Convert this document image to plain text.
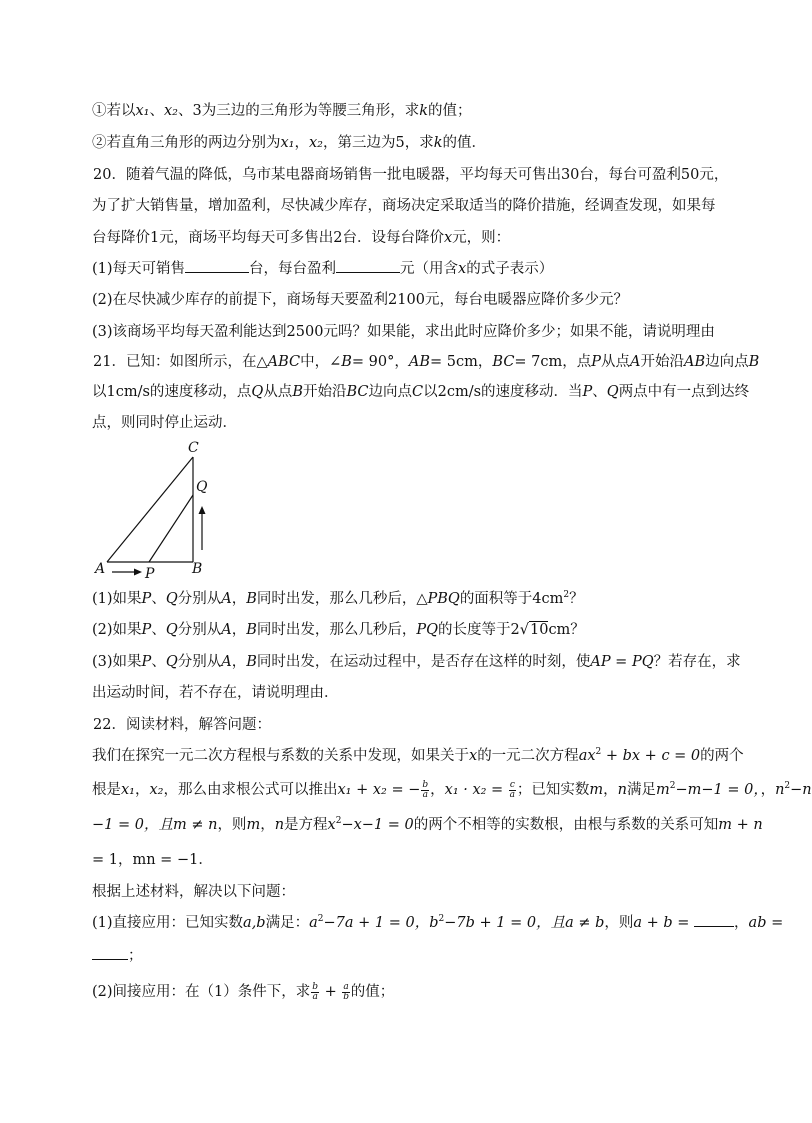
①若以x₁、x₂、3为三边的三角形为等腰三角形，求k的值；
②若直角三角形的两边分别为x₁，x₂，第三边为5，求k的值．
20．随着气温的降低，乌市某电器商场销售一批电暖器，平均每天可售出30台，每台可盈利50元，
为了扩大销售量，增加盈利，尽快减少库存，商场决定采取适当的降价措施，经调查发现，如果每
台每降价1元，商场平均每天可多售出2台．设每台降价x元，则：
(1)每天可销售	台，每台盈利	元（用含x的式子表示）
(2)在尽快减少库存的前提下，商场每天要盈利2100元，每台电暖器应降价多少元？
(3)该商场平均每天盈利能达到2500元吗？如果能，求出此时应降价多少；如果不能，请说明理由
21．已知：如图所示，在△ABC中，∠B= 90°，AB= 5cm，BC= 7cm，点P从点A开始沿AB边向点B
以1cm/s的速度移动，点Q从点B开始沿BC边向点C以2cm/s的速度移动．当P、Q两点中有一点到达终
点，则同时停止运动．
C
Q
A	P	B
(1)如果P、Q分别从A，B同时出发，那么几秒后，△PBQ的面积等于$4cm^2$？
(2)如果P、Q分别从A，B同时出发，那么几秒后，PQ的长度等于2√10cm？
(3)如果P、Q分别从A，B同时出发，在运动过程中，是否存在这样的时刻，使AP = PQ？若存在，求
出运动时间，若不存在，请说明理由．
22．阅读材料，解答问题：
我们在探究一元二次方程根与系数的关系中发现，如果关于x的一元二次方程$ax^2$ + bx + c = 0的两个
根是x₁，x₂，那么由求根公式可以推出x₁ + x₂ = − $\frac{b}{a}$ ，$x_1 \cdot x_2 = \frac{c}{a}$ ；已知实数m，n满足$m^2-m-1 = 0$，，$n^2-n$
−1 = 0，且m ≠ n，则m，n是方程$x^2-x-1 = 0$的两个不相等的实数根，由根与系数的关系可知m + n
= 1，mn = −1．
根据上述材料，解决以下问题：
(1)直接应用：已知实数a,b满足：$a^2-7a + 1 = 0$，$b^2-7b + 1 = 0$，且a ≠ b，则a + b =	，ab =
；
(2)间接应用：在（1）条件下，求 $\frac{b}{a} + \frac{a}{b}$ 的值；
